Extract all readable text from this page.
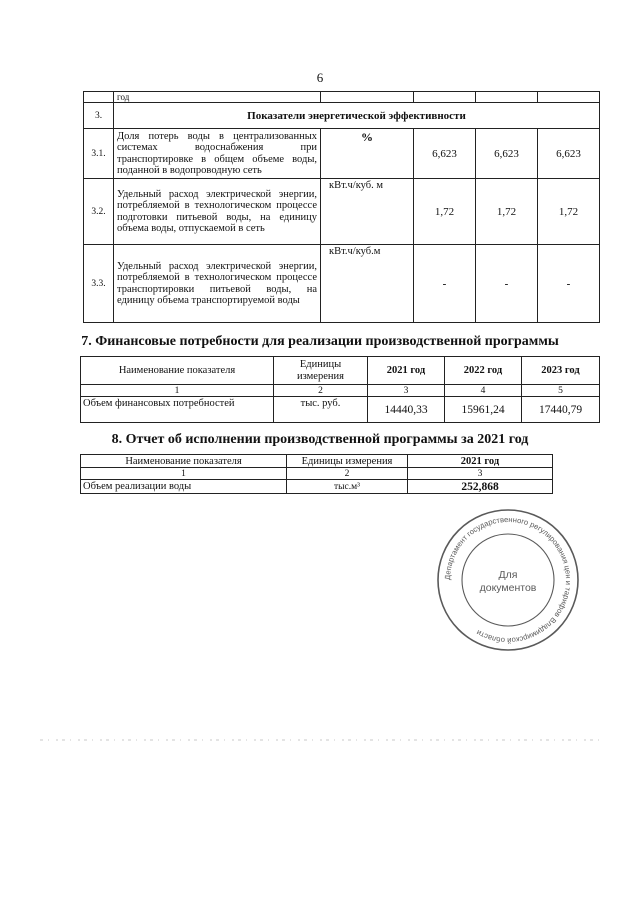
6
	год				
3.	Показатели энергетической эффективности				
3.1.	Доля потерь воды в централизованных системах водоснабжения при транспортировке в общем объеме воды, поданной в водопроводную сеть	%	6,623	6,623	6,623
3.2.	Удельный расход электрической энергии, потребляемой в технологическом процессе подготовки питьевой воды, на единицу объема воды, отпускаемой в сеть	кВт.ч/куб. м	1,72	1,72	1,72
3.3.	Удельный расход электрической энергии, потребляемой в технологическом процессе транспортировки питьевой воды, на единицу объема транспортируемой воды	кВт.ч/куб.м	-	-	-
7. Финансовые потребности для реализации производственной программы
Наименование показателя	Единицы измерения	2021 год	2022 год	2023 год
1	2	3	4	5
Объем финансовых потребностей	тыс. руб.	14440,33	15961,24	17440,79
8. Отчет об исполнении производственной программы за 2021 год
Наименование показателя	Единицы измерения	2021 год
1	2	3
Объем реализации воды	тыс.м³	252,868
Департамент государственного регулирования цен и тарифов Владимирской области
Для
документов
